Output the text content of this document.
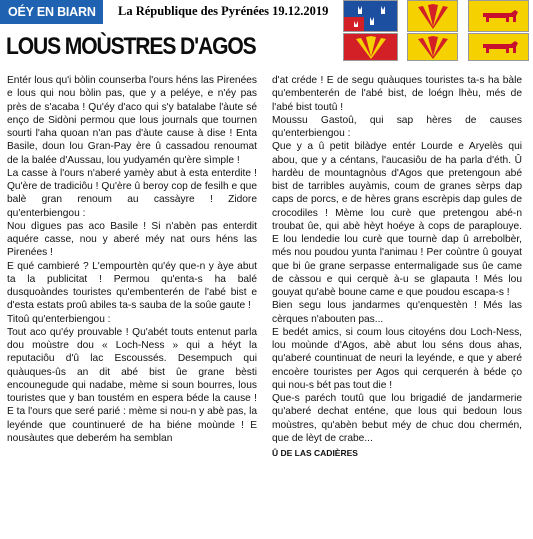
OÉY EN BIARN	La République des Pyrénées 19.12.2019
LOUS MOÙSTRES D'AGOS

Entér lous qu'i bòlin counserba l'ours héns las Pirenées e lous qui nou bòlin pas, que y a peléye, e n'éy pas près de s'acaba ! Qu'éy d'aco qui s'y batalabe l'àute sé enço de Sidòni permou que lous journals que tournen sourti l'aha quoan n'an pas d'àute cause à dise ! Enta Basile, doun lou Gran-Pay ère û cassadou renoumat de la balée d'Aussau, lou yudyamén qu'ère sìmple !

La casse à l'ours n'aberé yamèy abut à esta enterdite ! Qu'ère de tradiciôu ! Qu'ère û beroy cop de fesilh e que balè gran renoum au cassàyre ! Zidore qu'enterbiengou :

Nou dìgues pas aco Basile ! Si n'abèn pas enterdit aquére casse, nou y aberé méy nat ours héns las Pirenées !

E qué cambieré ? L'empourtèn qu'éy que-n y àye abut ta la publicitat ! Permou qu'enta-s ha balé dusquoàndes touristes qu'embenterén de l'abé bist e d'esta estats proû abiles ta-s sauba de la soûe gaute !

Titoû qu'enterbiengou :

Tout aco qu'éy prouvable ! Qu'abét touts entenut parla dou moùstre dou « Loch-Ness » qui a héyt la reputaciôu d'û lac Escoussés. Desempuch qui quàuques-ûs an dit abé bist ûe grane bèsti encounegude qui nadabe, mème si soun bourres, lous touristes que y ban toustém en espera béde la cause ! E ta l'ours que seré parié : mème si nou-n y abè pas, la leyénde que countinueré de ha biéne moùnde ! E nousàutes que deberém ha semblan

d'at créde ! E de segu quàuques touristes ta-s ha bàle qu'embenterén de l'abé bist, de loégn lhèu, més de l'abé bist toutû !

Moussu Gastoû, qui sap hères de causes qu'enterbiengou :

Que y a û petit bilàdye entér Lourde e Aryelès qui abou, que y a céntans, l'aucasiôu de ha parla d'éth. Û hardèu de mountagnòus d'Agos que pretengoun abé bist de tarribles auyàmis, coum de granes sèrps dap caps de porcs, e de hères grans escrèpis dap gules de crocodiles ! Mème lou curè que pretengou abé-n troubat ûe, qui abè hèyt hoéye à cops de paraplouye. E lou lendedie lou curè que tournè dap û arrebolbèr, més nou poudou yunta l'animau ! Per coùntre û gouyat que bi ûe grane serpasse entermaligade sus ûe came de càssou e qui cerquè à-u se glapauta ! Més lou gouyat qu'abè boune came e que poudou escapa-s !

Bien segu lous jandarmes qu'enquestèn ! Més las cèrques n'abouten pas...

E bedét amics, si coum lous citoyéns dou Loch-Ness, lou moùnde d'Agos, abè abut lou séns dous ahas, qu'aberé countinuat de neuri la leyénde, e que y aberé encoère touristes per Agos qui cerquerén à béde ço qui nou-s bét pas tout die !

Que-s paréch toutû que lou brigadié de jandarmerie qu'aberé dechat enténe, que lous qui bedoun lous moùstres, qu'abèn bebut méy de chuc dou chermén, que de lèyt de crabe...

Û DE LAS CADIÈRES
